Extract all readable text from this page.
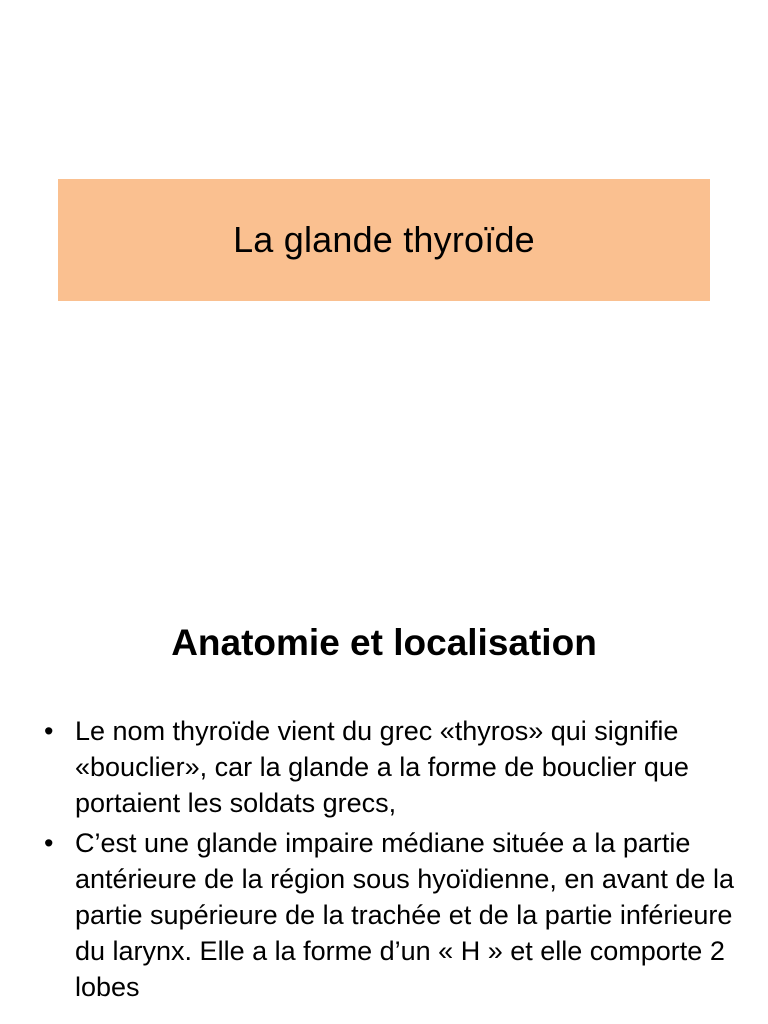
La glande thyroïde
Anatomie et localisation
• Le nom thyroïde vient du grec «thyros» qui signifie «bouclier», car la glande a la forme de bouclier que portaient les soldats grecs,
• C’est une glande impaire médiane située a la partie antérieure de la région sous hyoïdienne, en avant de la partie supérieure de la trachée et de la partie inférieure du larynx. Elle a la forme d’un « H » et elle comporte 2 lobes
